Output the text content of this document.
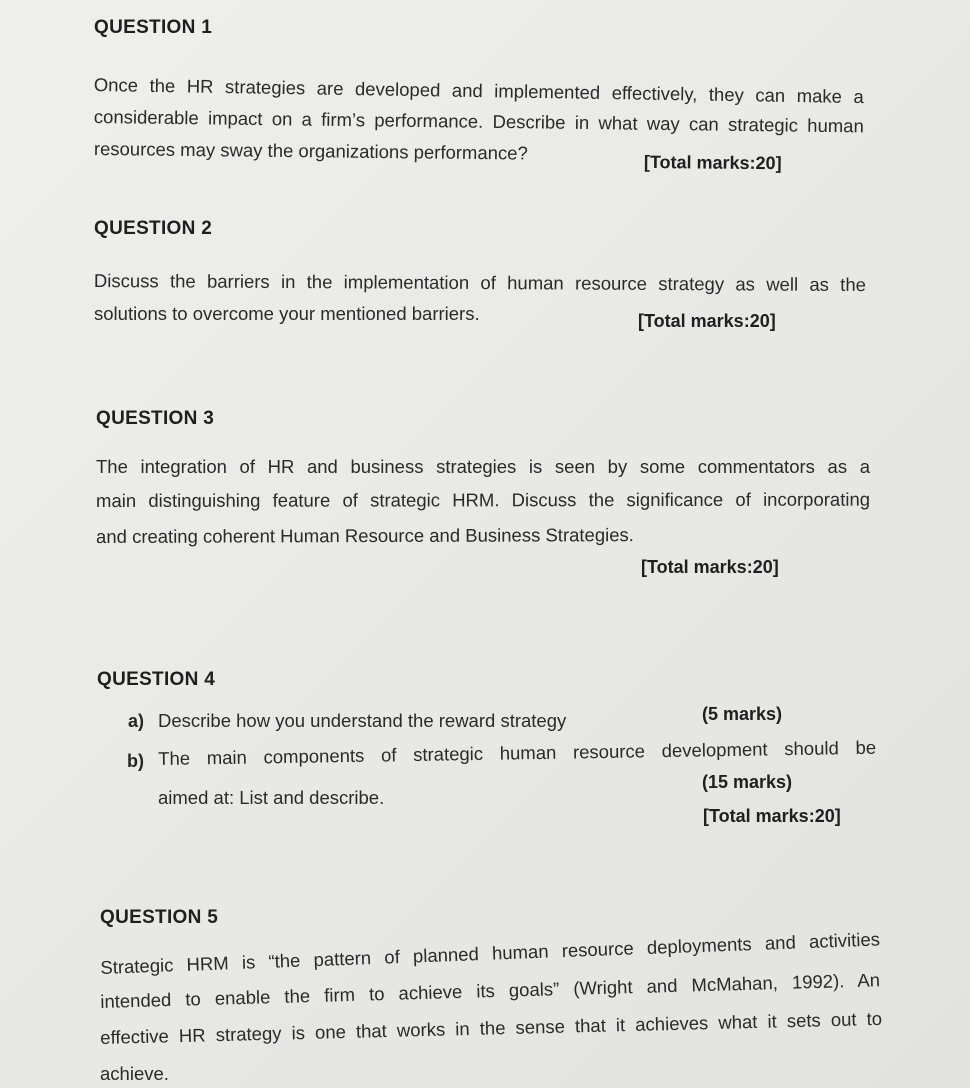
QUESTION 1
Once the HR strategies are developed and implemented effectively, they can make a
considerable impact on a firm’s performance. Describe in what way can strategic human
resources may sway the organizations performance?	[Total marks:20]
QUESTION 2
Discuss the barriers in the implementation of human resource strategy as well as the
solutions to overcome your mentioned barriers.	[Total marks:20]
QUESTION 3
The integration of HR and business strategies is seen by some commentators as a
main distinguishing feature of strategic HRM. Discuss the significance of incorporating
and creating coherent Human Resource and Business Strategies.
[Total marks:20]
QUESTION 4
a) Describe how you understand the reward strategy	(5 marks)
b) The main components of strategic human resource development should be
aimed at: List and describe.
(15 marks)
[Total marks:20]
QUESTION 5
Strategic HRM is “the pattern of planned human resource deployments and activities
intended to enable the firm to achieve its goals” (Wright and McMahan, 1992). An
effective HR strategy is one that works in the sense that it achieves what it sets out to
achieve.
